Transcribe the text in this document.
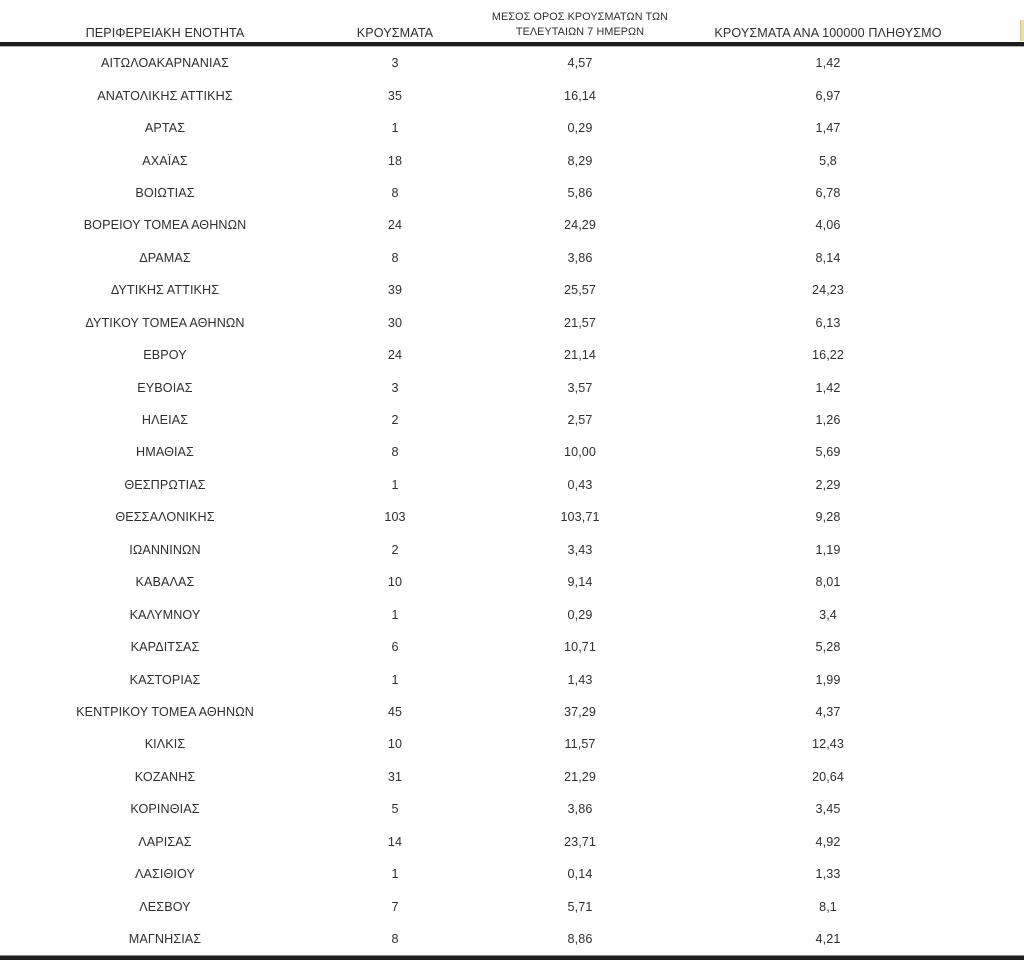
ΠΕΡΙΦΕΡΕΙΑΚΗ ΕΝΟΤΗΤΑ	ΚΡΟΥΣΜΑΤΑ
ΜΕΣΟΣ ΟΡΟΣ ΚΡΟΥΣΜΑΤΩΝ ΤΩΝ
ΤΕΛΕΥΤΑΙΩΝ 7 ΗΜΕΡΩΝ	ΚΡΟΥΣΜΑΤΑ ΑΝΑ 100000 ΠΛΗΘΥΣΜΟ
ΑΙΤΩΛΟΑΚΑΡΝΑΝΙΑΣ	3	4,57	1,42
ΑΝΑΤΟΛΙΚΗΣ ΑΤΤΙΚΗΣ	35	16,14	6,97
ΑΡΤΑΣ	1	0,29	1,47
ΑΧΑΪΑΣ	18	8,29	5,8
ΒΟΙΩΤΙΑΣ	8	5,86	6,78
ΒΟΡΕΙΟΥ ΤΟΜΕΑ ΑΘΗΝΩΝ	24	24,29	4,06
ΔΡΑΜΑΣ	8	3,86	8,14
ΔΥΤΙΚΗΣ ΑΤΤΙΚΗΣ	39	25,57	24,23
ΔΥΤΙΚΟΥ ΤΟΜΕΑ ΑΘΗΝΩΝ	30	21,57	6,13
ΕΒΡΟΥ	24	21,14	16,22
ΕΥΒΟΙΑΣ	3	3,57	1,42
ΗΛΕΙΑΣ	2	2,57	1,26
ΗΜΑΘΙΑΣ	8	10,00	5,69
ΘΕΣΠΡΩΤΙΑΣ	1	0,43	2,29
ΘΕΣΣΑΛΟΝΙΚΗΣ	103	103,71	9,28
ΙΩΑΝΝΙΝΩΝ	2	3,43	1,19
ΚΑΒΑΛΑΣ	10	9,14	8,01
ΚΑΛΥΜΝΟΥ	1	0,29	3,4
ΚΑΡΔΙΤΣΑΣ	6	10,71	5,28
ΚΑΣΤΟΡΙΑΣ	1	1,43	1,99
ΚΕΝΤΡΙΚΟΥ ΤΟΜΕΑ ΑΘΗΝΩΝ	45	37,29	4,37
ΚΙΛΚΙΣ	10	11,57	12,43
ΚΟΖΑΝΗΣ	31	21,29	20,64
ΚΟΡΙΝΘΙΑΣ	5	3,86	3,45
ΛΑΡΙΣΑΣ	14	23,71	4,92
ΛΑΣΙΘΙΟΥ	1	0,14	1,33
ΛΕΣΒΟΥ	7	5,71	8,1
ΜΑΓΝΗΣΙΑΣ	8	8,86	4,21
